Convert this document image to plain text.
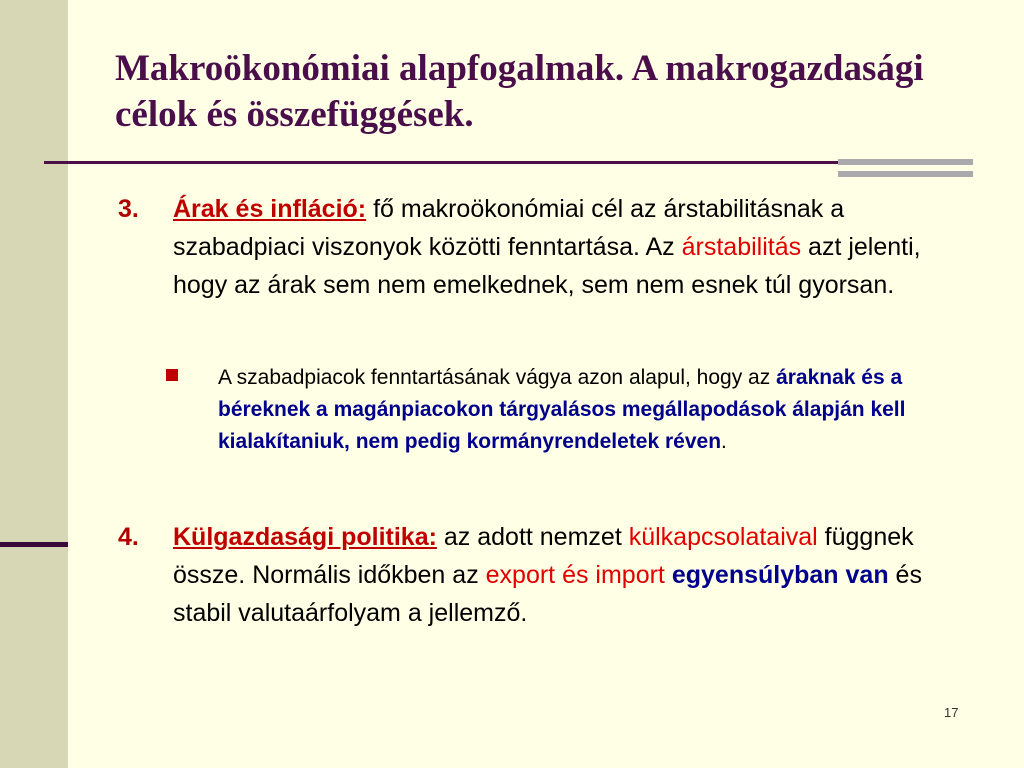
Makroökonómiai alapfogalmak. A makrogazdasági célok és összefüggések.
3. Árak és infláció: fő makroökonómiai cél az árstabilitásnak a szabadpiaci viszonyok közötti fenntartása. Az árstabilitás azt jelenti, hogy az árak sem nem emelkednek, sem nem esnek túl gyorsan.
A szabadpiacok fenntartásának vágya azon alapul, hogy az áraknak és a béreknek a magánpiacokon tárgyalásos megállapodások álapján kell kialakítaniuk, nem pedig kormányrendeletek réven.
4. Külgazdasági politika: az adott nemzet külkapcsolataival függnek össze. Normális időkben az export és import egyensúlyban van és stabil valutaárfolyam a jellemző.
17
